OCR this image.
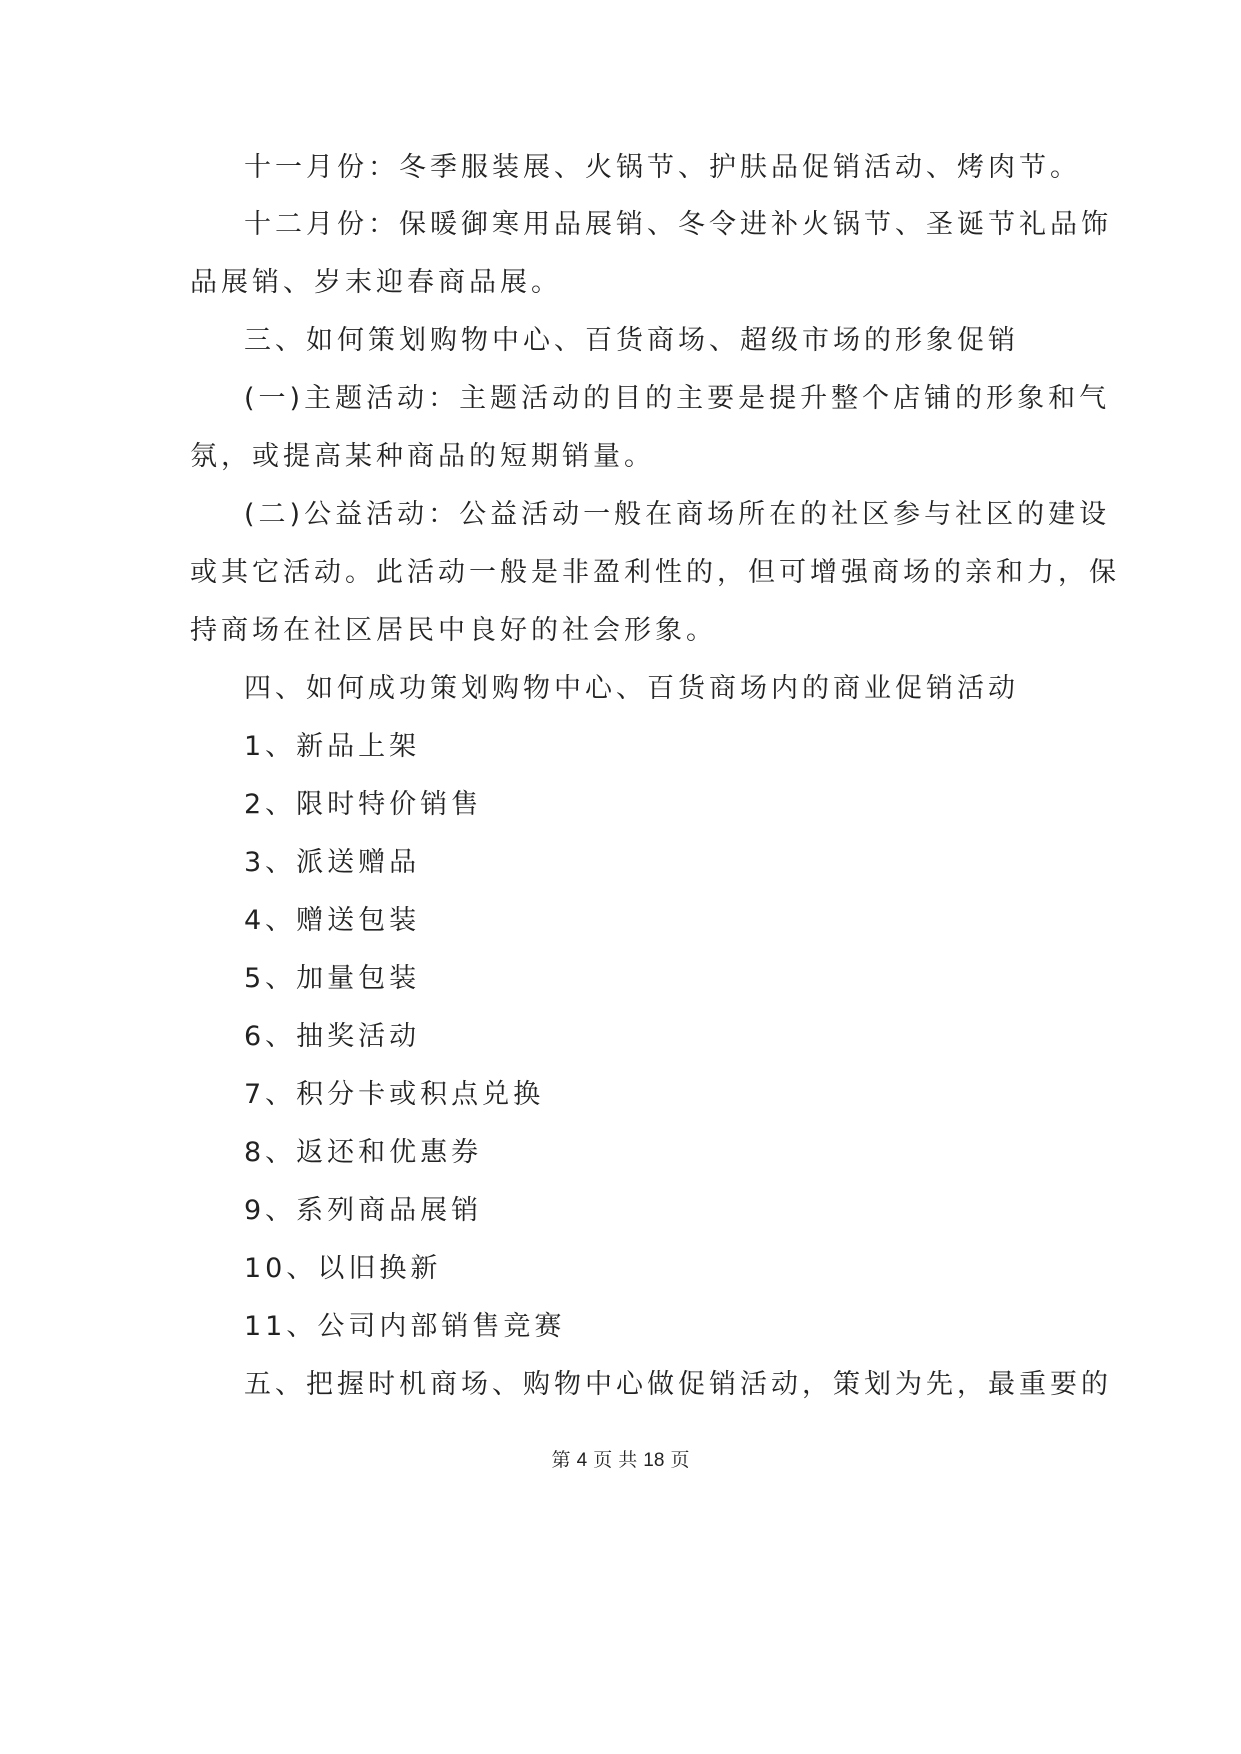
十一月份：冬季服装展、火锅节、护肤品促销活动、烤肉节。
十二月份：保暖御寒用品展销、冬令进补火锅节、圣诞节礼品饰
品展销、岁末迎春商品展。
三、如何策划购物中心、百货商场、超级市场的形象促销
(一)主题活动：主题活动的目的主要是提升整个店铺的形象和气
氛，或提高某种商品的短期销量。
(二)公益活动：公益活动一般在商场所在的社区参与社区的建设
或其它活动。此活动一般是非盈利性的，但可增强商场的亲和力，保
持商场在社区居民中良好的社会形象。
四、如何成功策划购物中心、百货商场内的商业促销活动
1、新品上架
2、限时特价销售
3、派送赠品
4、赠送包装
5、加量包装
6、抽奖活动
7、积分卡或积点兑换
8、返还和优惠券
9、系列商品展销
10、以旧换新
11、公司内部销售竞赛
五、把握时机商场、购物中心做促销活动，策划为先，最重要的
第 4 页 共 18 页
